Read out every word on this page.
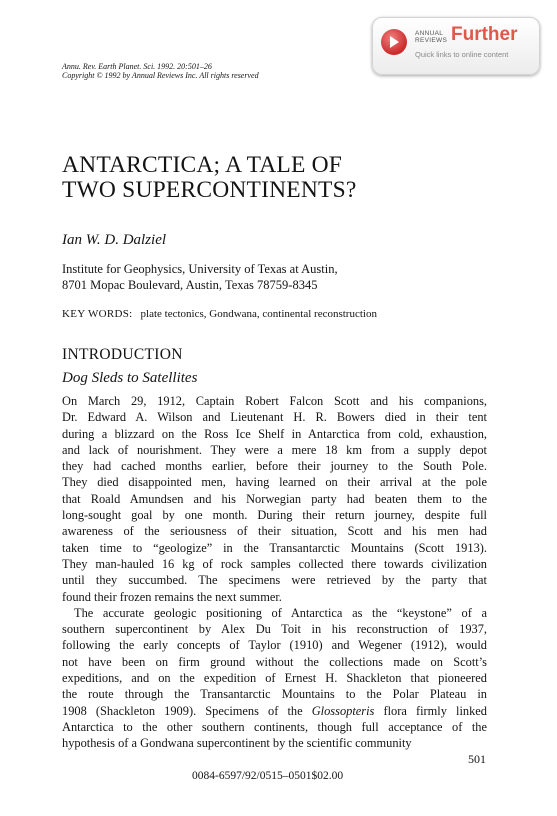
ANNUAL REVIEWS Further
Quick links to online content
Annu. Rev. Earth Planet. Sci. 1992. 20:501–26
Copyright © 1992 by Annual Reviews Inc. All rights reserved
ANTARCTICA; A TALE OF
TWO SUPERCONTINENTS?
Ian W. D. Dalziel
Institute for Geophysics, University of Texas at Austin,
8701 Mopac Boulevard, Austin, Texas 78759-8345
KEY WORDS: plate tectonics, Gondwana, continental reconstruction
INTRODUCTION
Dog Sleds to Satellites
On March 29, 1912, Captain Robert Falcon Scott and his companions,
Dr. Edward A. Wilson and Lieutenant H. R. Bowers died in their tent
during a blizzard on the Ross Ice Shelf in Antarctica from cold, exhaustion,
and lack of nourishment. They were a mere 18 km from a supply depot
they had cached months earlier, before their journey to the South Pole.
They died disappointed men, having learned on their arrival at the pole
that Roald Amundsen and his Norwegian party had beaten them to the
long-sought goal by one month. During their return journey, despite full
awareness of the seriousness of their situation, Scott and his men had
taken time to “geologize” in the Transantarctic Mountains (Scott 1913).
They man-hauled 16 kg of rock samples collected there towards civilization
until they succumbed. The specimens were retrieved by the party that
found their frozen remains the next summer.
The accurate geologic positioning of Antarctica as the “keystone” of a
southern supercontinent by Alex Du Toit in his reconstruction of 1937,
following the early concepts of Taylor (1910) and Wegener (1912), would
not have been on firm ground without the collections made on Scott’s
expeditions, and on the expedition of Ernest H. Shackleton that pioneered
the route through the Transantarctic Mountains to the Polar Plateau in
1908 (Shackleton 1909). Specimens of the Glossopteris flora firmly linked
Antarctica to the other southern continents, though full acceptance of the
hypothesis of a Gondwana supercontinent by the scientific community
501
0084-6597/92/0515–0501$02.00
